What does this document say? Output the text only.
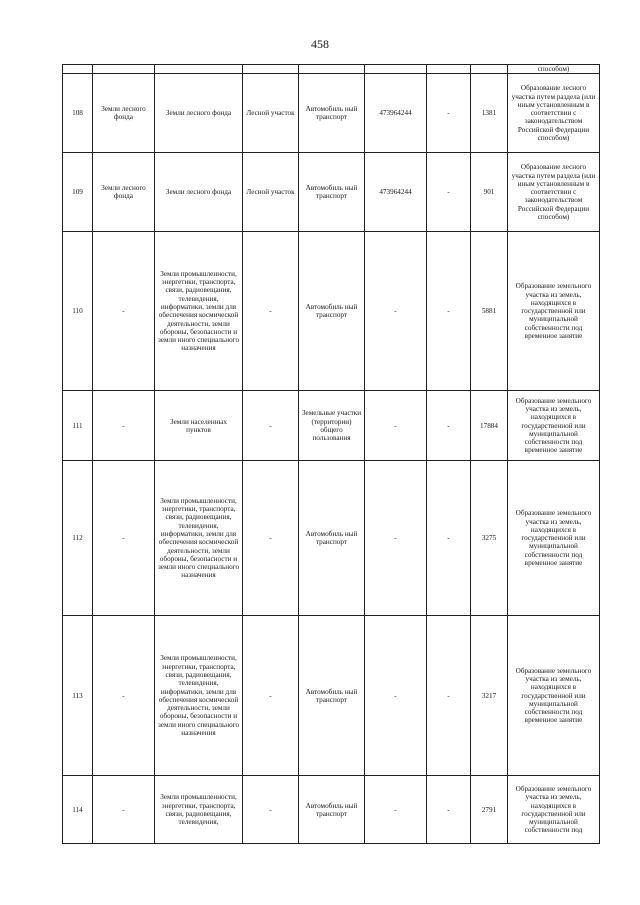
458
								способом)
108	Земли лесного фонда	Земли лесного фонда	Лесной участок	Автомобиль ный транспорт	473964244	-	1381	Образование лесного участка путем раздела (или иным установленным в соответствии с законодательством Российской Федерации способом)
109	Земли лесного фонда	Земли лесного фонда	Лесной участок	Автомобиль ный транспорт	473964244	-	901	Образование лесного участка путем раздела (или иным установленным в соответствии с законодательством Российской Федерации способом)
110	-	Земли промышленности, энергетики, транспорта, связи, радиовещания, телевидения, информатики, земли для обеспечения космической деятельности, земли обороны, безопасности и земли иного специального назначения	-	Автомобиль ный транспорт	-	-	5881	Образование земельного участка из земель, находящихся в государственной или муниципальной собственности под временное занятие
111	-	Земли населенных пунктов	-	Земельные участки (территории) общего пользования	-	-	17884	Образование земельного участка из земель, находящихся в государственной или муниципальной собственности под временное занятие
112	-	Земли промышленности, энергетики, транспорта, связи, радиовещания, телевидения, информатики, земли для обеспечения космической деятельности, земли обороны, безопасности и земли иного специального назначения	-	Автомобиль ный транспорт	-	-	3275	Образование земельного участка из земель, находящихся в государственной или муниципальной собственности под временное занятие
113	-	Земли промышленности, энергетики, транспорта, связи, радиовещания, телевидения, информатики, земли для обеспечения космической деятельности, земли обороны, безопасности и земли иного специального назначения	-	Автомобиль ный транспорт	-	-	3217	Образование земельного участка из земель, находящихся в государственной или муниципальной собственности под временное занятие
114	-	Земли промышленности, энергетики, транспорта, связи, радиовещания, телевидения,	-	Автомобиль ный транспорт	-	-	2791	Образование земельного участка из земель, находящихся в государственной или муниципальной собственности под
